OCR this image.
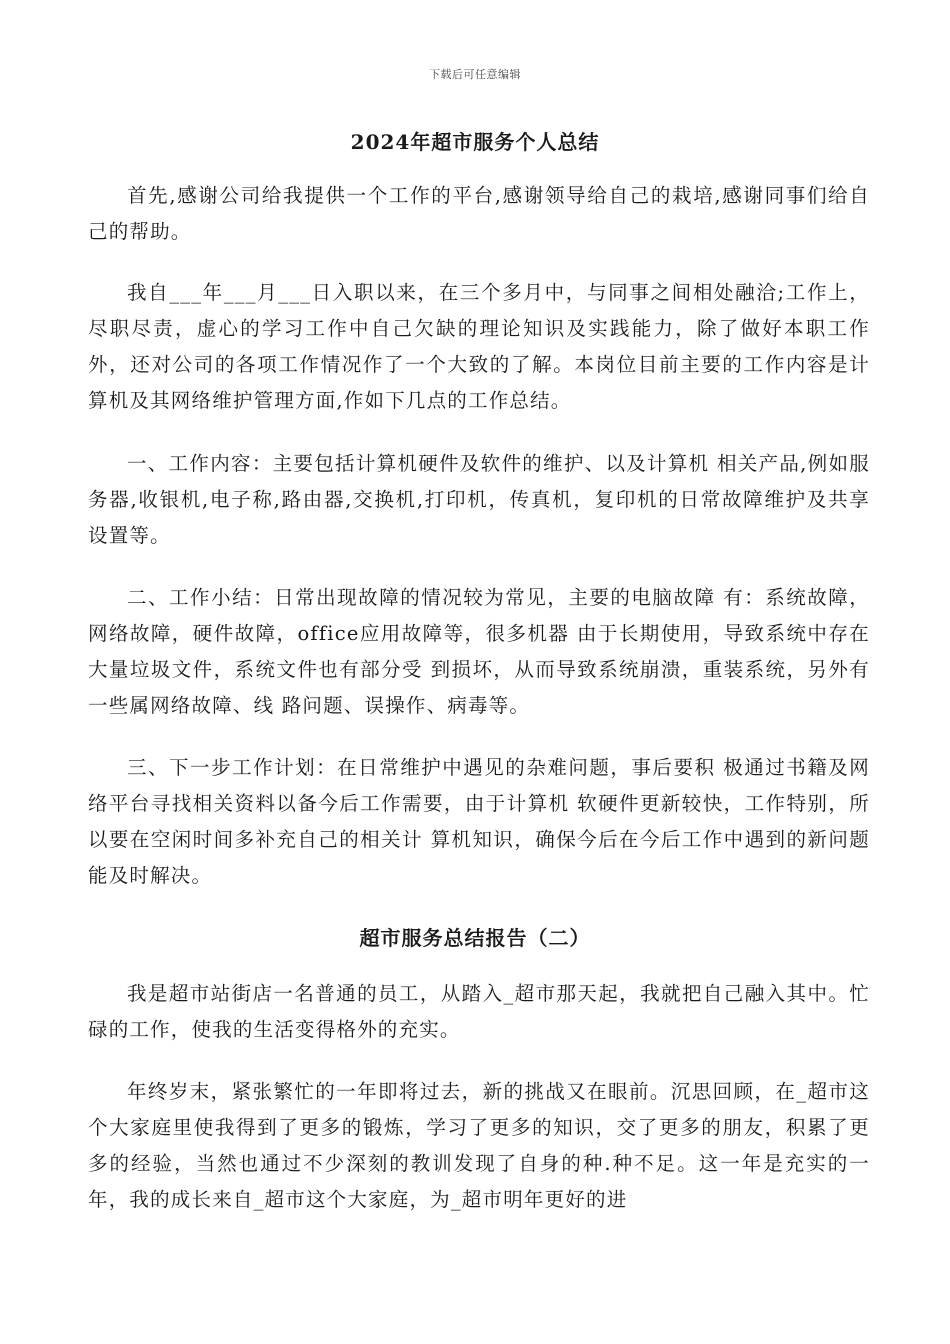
下载后可任意编辑
2024年超市服务个人总结

首先,感谢公司给我提供一个工作的平台,感谢领导给自己的栽培,感谢同事们给自己的帮助。

我自___年___月___日入职以来，在三个多月中，与同事之间相处融洽;工作上，尽职尽责，虚心的学习工作中自己欠缺的理论知识及实践能力，除了做好本职工作外，还对公司的各项工作情况作了一个大致的了解。本岗位目前主要的工作内容是计算机及其网络维护管理方面,作如下几点的工作总结。

一、工作内容：主要包括计算机硬件及软件的维护、以及计算机 相关产品,例如服务器,收银机,电子称,路由器,交换机,打印机，传真机，复印机的日常故障维护及共享设置等。

二、工作小结：日常出现故障的情况较为常见，主要的电脑故障 有：系统故障，网络故障，硬件故障，office应用故障等，很多机器 由于长期使用，导致系统中存在大量垃圾文件，系统文件也有部分受 到损坏，从而导致系统崩溃，重装系统，另外有一些属网络故障、线 路问题、误操作、病毒等。

三、下一步工作计划：在日常维护中遇见的杂难问题，事后要积 极通过书籍及网络平台寻找相关资料以备今后工作需要，由于计算机 软硬件更新较快，工作特别，所以要在空闲时间多补充自己的相关计 算机知识，确保今后在今后工作中遇到的新问题能及时解决。

超市服务总结报告（二）

我是超市站街店一名普通的员工，从踏入_超市那天起，我就把自己融入其中。忙碌的工作，使我的生活变得格外的充实。

年终岁末，紧张繁忙的一年即将过去，新的挑战又在眼前。沉思回顾，在_超市这个大家庭里使我得到了更多的锻炼，学习了更多的知识，交了更多的朋友，积累了更多的经验，当然也通过不少深刻的教训发现了自身的种.种不足。这一年是充实的一年，我的成长来自_超市这个大家庭，为_超市明年更好的进
